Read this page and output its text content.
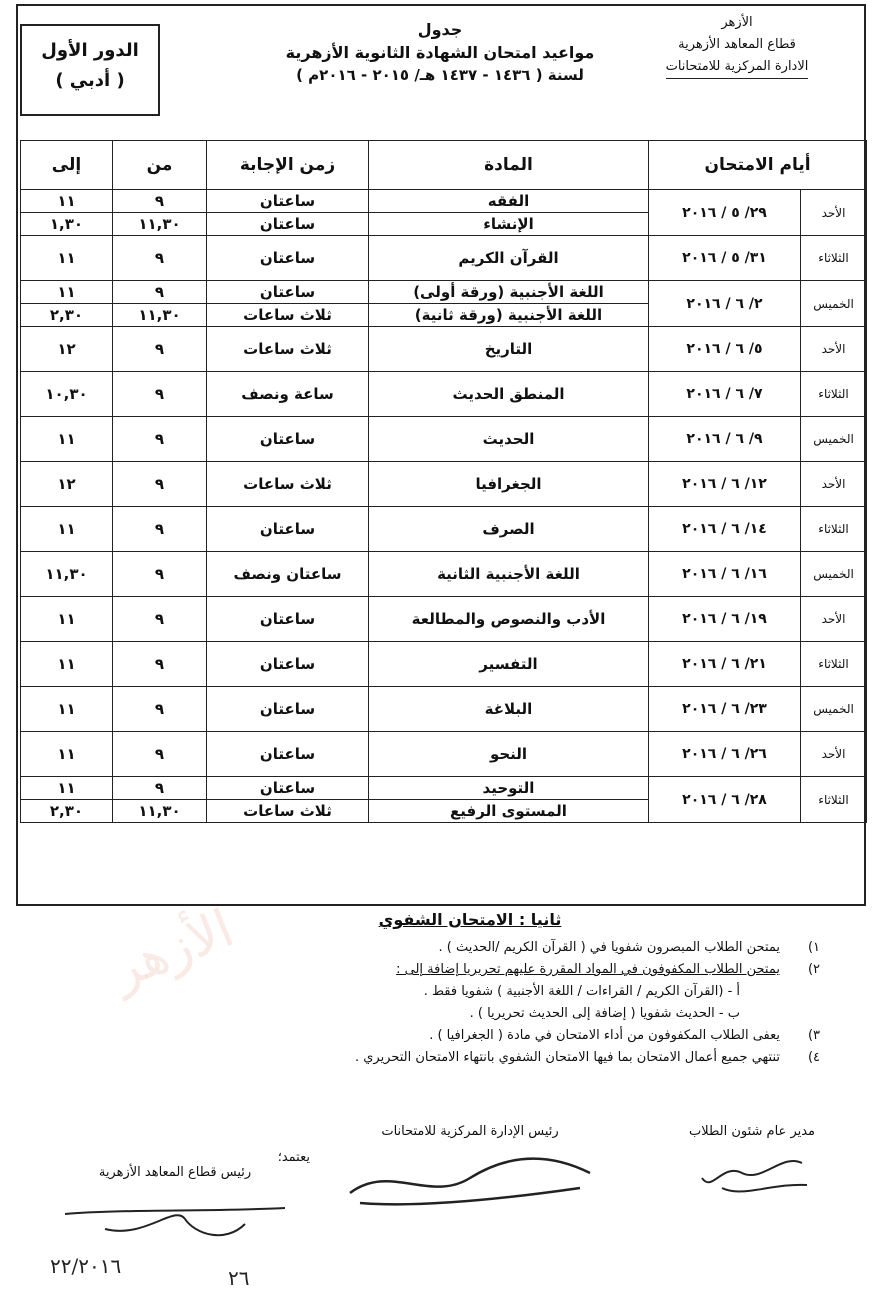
الأزهر
الأزهر
قطاع المعاهد الأزهرية
الادارة المركزية للامتحانات
جدول
مواعيد امتحان الشهادة الثانوية الأزهرية
لسنة ( ١٤٣٦ - ١٤٣٧ هـ/ ٢٠١٥ - ٢٠١٦م )
الدور الأول
( أدبي )
أيام الامتحان		المادة	زمن الإجابة	من	إلى
الأحد	٢٩/ ٥ / ٢٠١٦	الفقه	ساعتان	٩	١١
		الإنشاء	ساعتان	١١,٣٠	١,٣٠
الثلاثاء	٣١/ ٥ / ٢٠١٦	القرآن الكريم	ساعتان	٩	١١
الخميس	٢/ ٦ / ٢٠١٦	اللغة الأجنبية (ورقة أولى)	ساعتان	٩	١١
		اللغة الأجنبية (ورقة ثانية)	ثلاث ساعات	١١,٣٠	٢,٣٠
الأحد	٥/ ٦ / ٢٠١٦	التاريخ	ثلاث ساعات	٩	١٢
الثلاثاء	٧/ ٦ / ٢٠١٦	المنطق الحديث	ساعة ونصف	٩	١٠,٣٠
الخميس	٩/ ٦ / ٢٠١٦	الحديث	ساعتان	٩	١١
الأحد	١٢/ ٦ / ٢٠١٦	الجغرافيا	ثلاث ساعات	٩	١٢
الثلاثاء	١٤/ ٦ / ٢٠١٦	الصرف	ساعتان	٩	١١
الخميس	١٦/ ٦ / ٢٠١٦	اللغة الأجنبية الثانية	ساعتان ونصف	٩	١١,٣٠
الأحد	١٩/ ٦ / ٢٠١٦	الأدب والنصوص والمطالعة	ساعتان	٩	١١
الثلاثاء	٢١/ ٦ / ٢٠١٦	التفسير	ساعتان	٩	١١
الخميس	٢٣/ ٦ / ٢٠١٦	البلاغة	ساعتان	٩	١١
الأحد	٢٦/ ٦ / ٢٠١٦	النحو	ساعتان	٩	١١
الثلاثاء	٢٨/ ٦ / ٢٠١٦	التوحيد	ساعتان	٩	١١
		المستوى الرفيع	ثلاث ساعات	١١,٣٠	٢,٣٠
ثانيا : الامتحان الشفوي
١)
يمتحن الطلاب المبصرون شفويا في ( القرآن الكريم /الحديث ) .
٢)
يمتحن الطلاب المكفوفون في المواد المقررة عليهم تحريريا إضافة إلى :
أ - (القرآن الكريم / القراءات / اللغة الأجنبية ) شفويا فقط .
ب - الحديث شفويا ( إضافة إلى الحديث تحريريا ) .
٣)
يعفى الطلاب المكفوفون من أداء الامتحان في مادة ( الجغرافيا ) .
٤)
تنتهي جميع أعمال الامتحان بما فيها الامتحان الشفوي بانتهاء الامتحان التحريري .
مدير عام شئون الطلاب
رئيس الإدارة المركزية للامتحانات
يعتمد؛
رئيس قطاع المعاهد الأزهرية
٢٢/٢٠١٦	٢٦
